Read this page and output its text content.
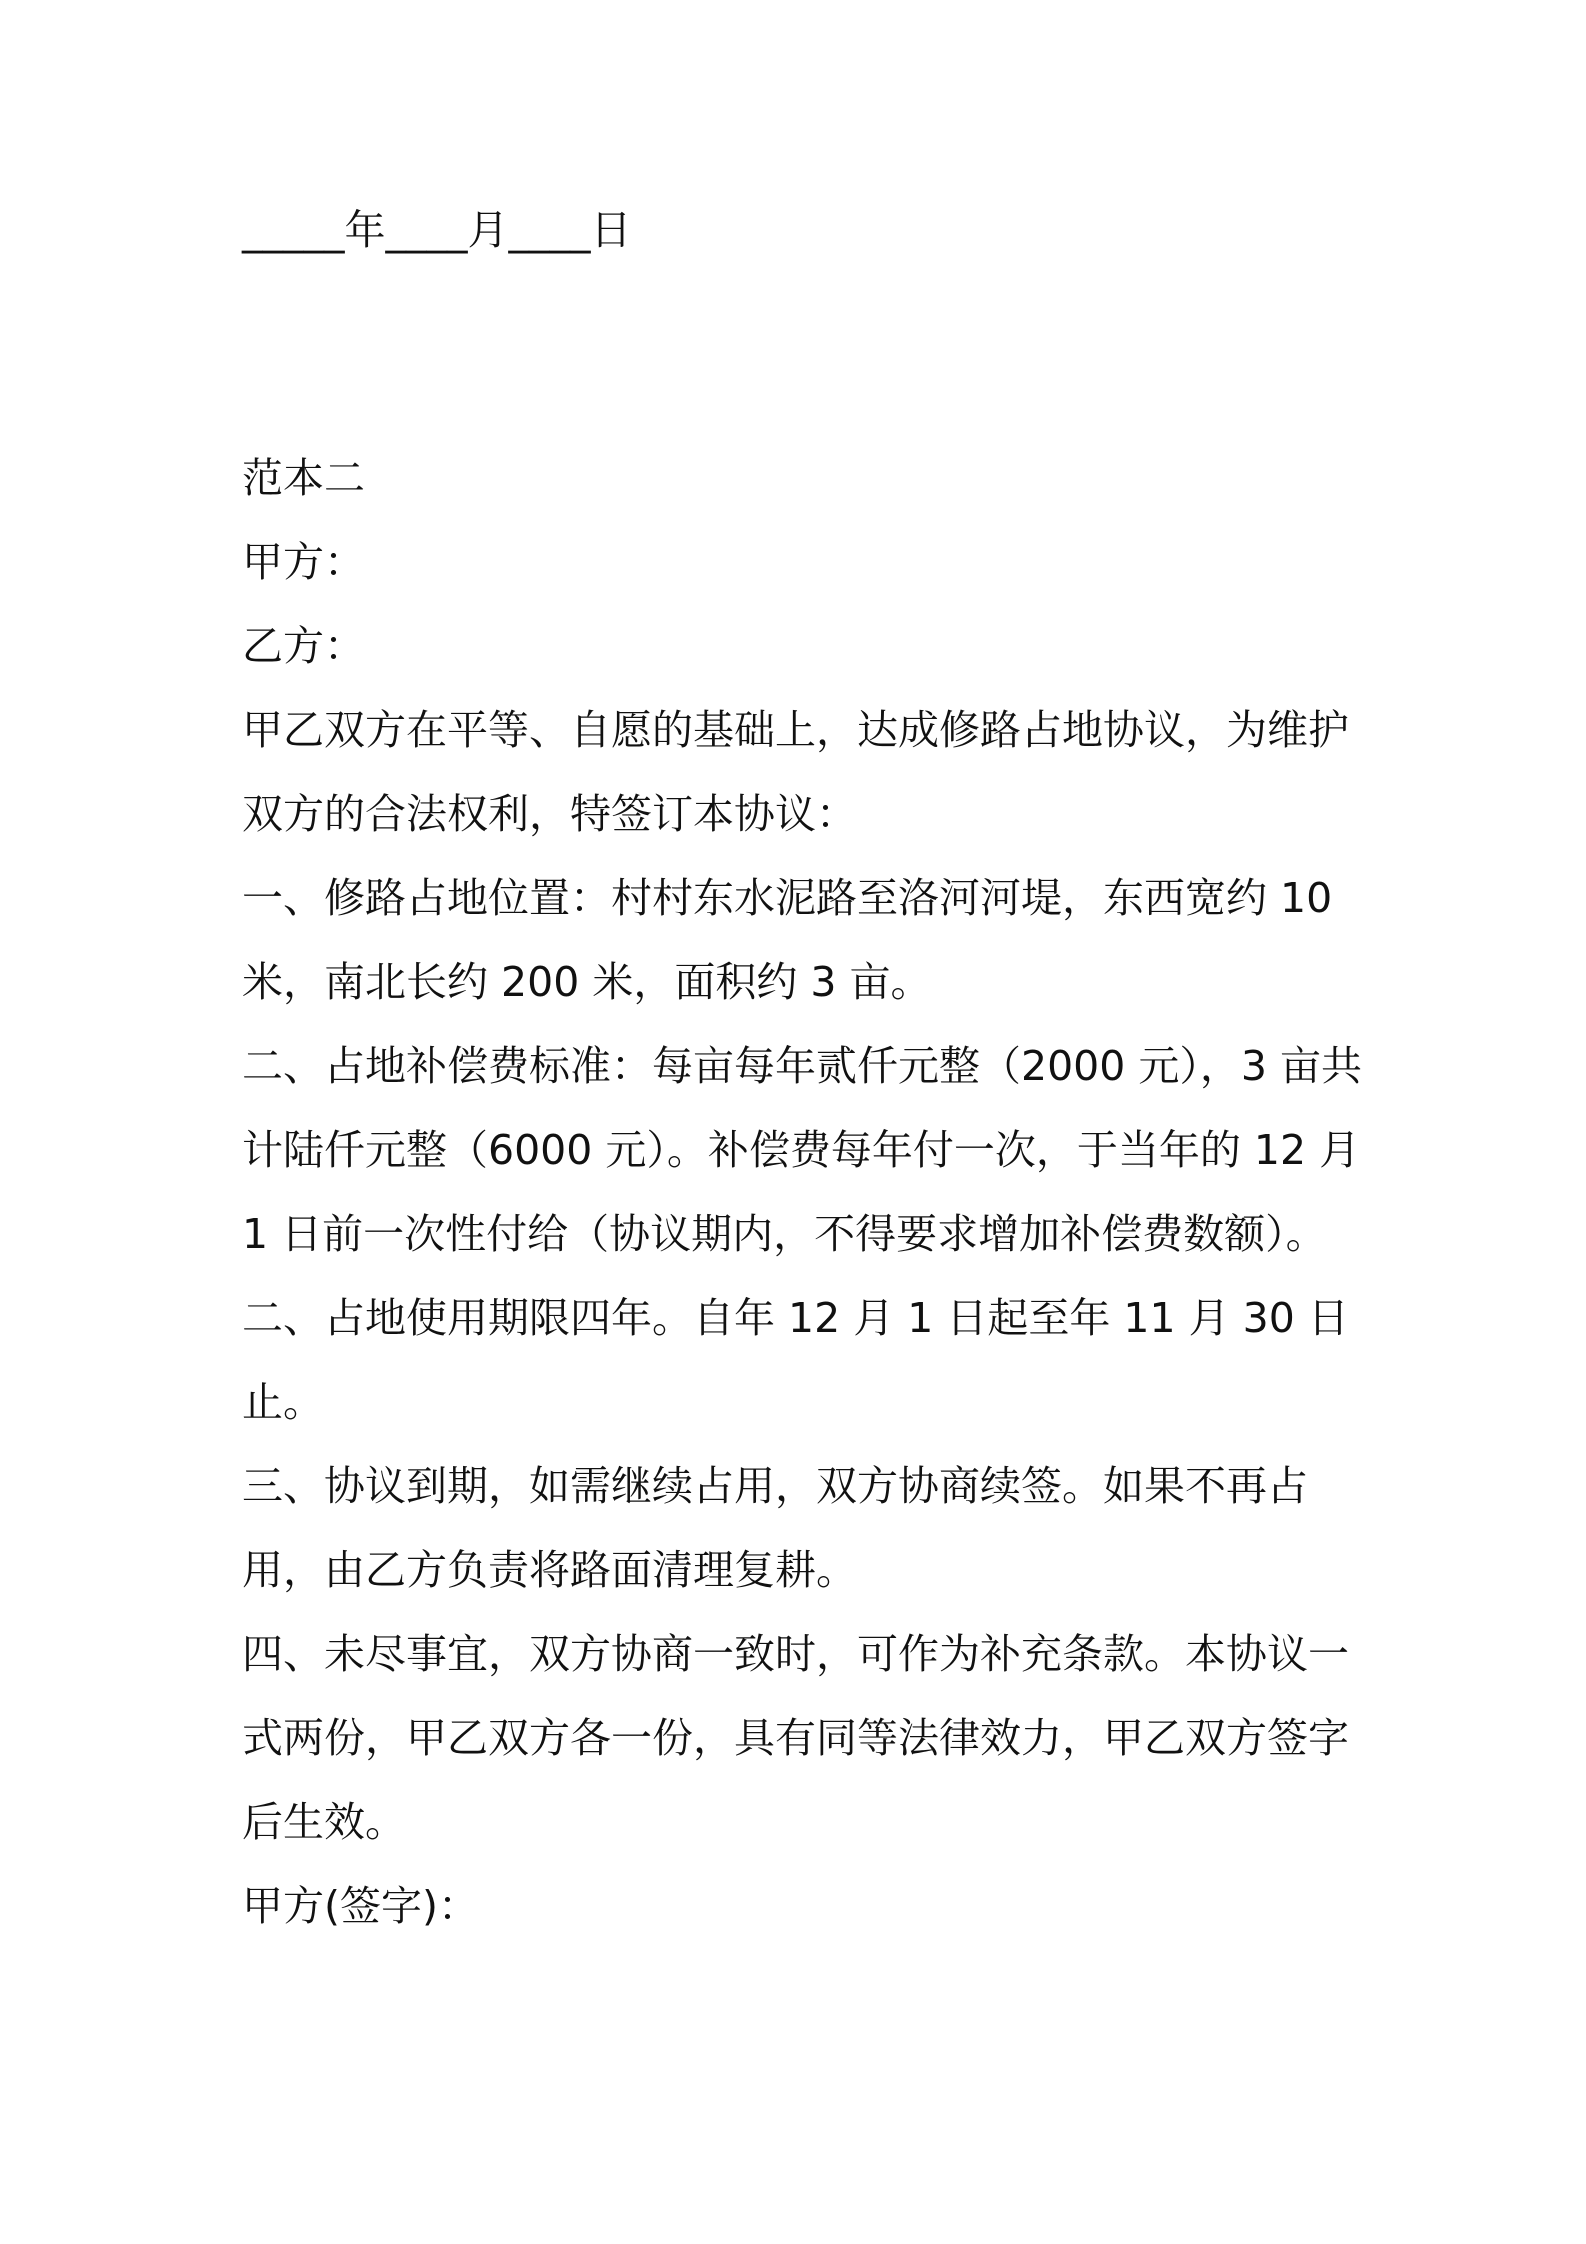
_____年____月____日
范本二
甲方：
乙方：
甲乙双方在平等、自愿的基础上，达成修路占地协议，为维护双方的合法权利，特签订本协议：
一、修路占地位置：村村东水泥路至洛河河堤，东西宽约 10 米，南北长约 200 米，面积约 3 亩。
二、占地补偿费标准：每亩每年贰仟元整（2000 元），3 亩共计陆仟元整（6000 元）。补偿费每年付一次，于当年的 12 月 1 日前一次性付给（协议期内，不得要求增加补偿费数额）。
二、占地使用期限四年。自年 12 月 1 日起至年 11 月 30 日止。
三、协议到期，如需继续占用，双方协商续签。如果不再占用，由乙方负责将路面清理复耕。
四、未尽事宜，双方协商一致时，可作为补充条款。本协议一式两份，甲乙双方各一份，具有同等法律效力，甲乙双方签字后生效。
甲方(签字)：
